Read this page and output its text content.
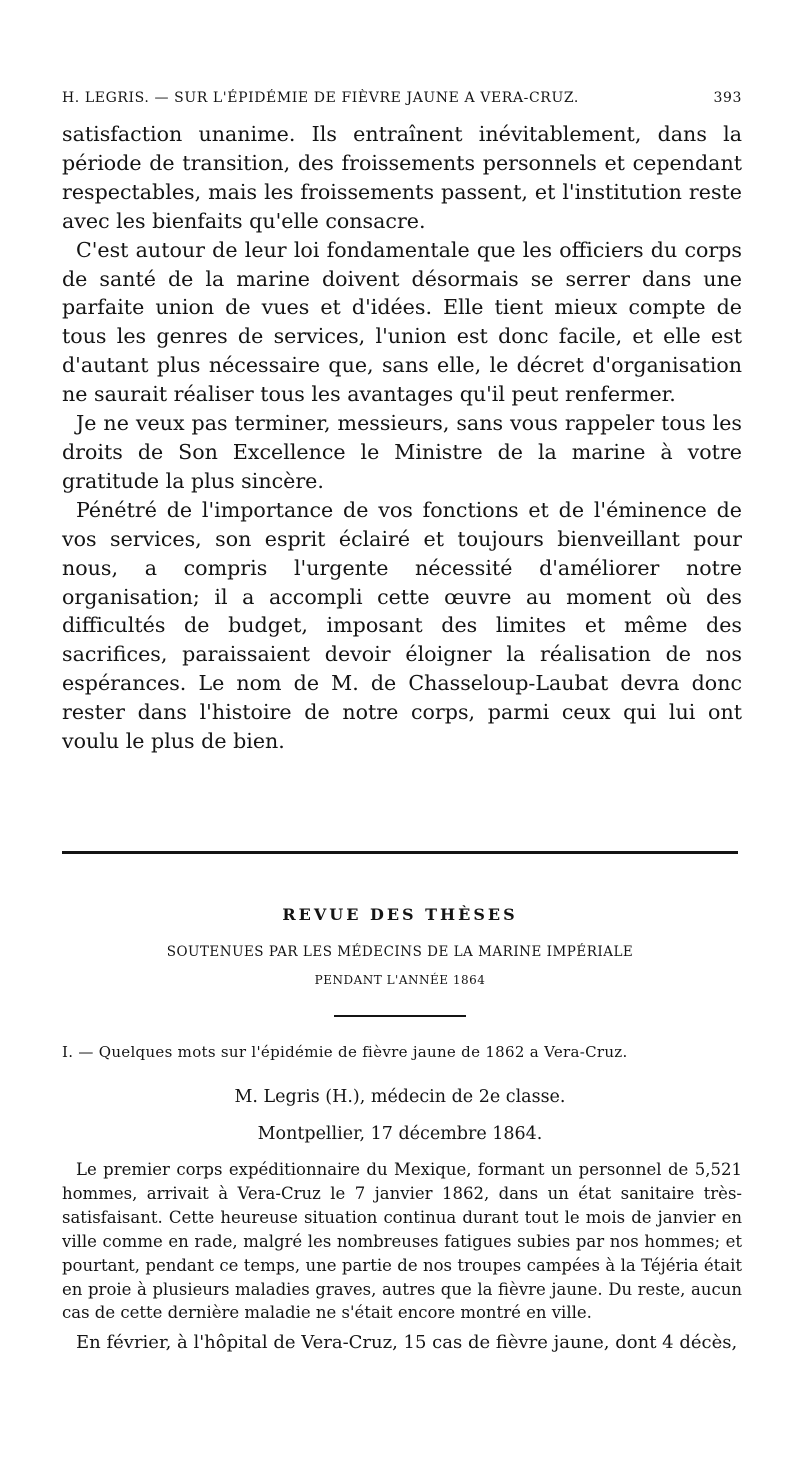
H. LEGRIS. — SUR L'ÉPIDÉMIE DE FIÈVRE JAUNE A VERA-CRUZ.	393

satisfaction unanime. Ils entraînent inévitablement, dans la période de transition, des froissements personnels et cependant respectables, mais les froissements passent, et l'institution reste avec les bienfaits qu'elle consacre.

C'est autour de leur loi fondamentale que les officiers du corps de santé de la marine doivent désormais se serrer dans une parfaite union de vues et d'idées. Elle tient mieux compte de tous les genres de services, l'union est donc facile, et elle est d'autant plus nécessaire que, sans elle, le décret d'organisation ne saurait réaliser tous les avantages qu'il peut renfermer.

Je ne veux pas terminer, messieurs, sans vous rappeler tous les droits de Son Excellence le Ministre de la marine à votre gratitude la plus sincère.

Pénétré de l'importance de vos fonctions et de l'éminence de vos services, son esprit éclairé et toujours bienveillant pour nous, a compris l'urgente nécessité d'améliorer notre organisation; il a accompli cette œuvre au moment où des difficultés de budget, imposant des limites et même des sacrifices, paraissaient devoir éloigner la réalisation de nos espérances. Le nom de M. de Chasseloup-Laubat devra donc rester dans l'histoire de notre corps, parmi ceux qui lui ont voulu le plus de bien.

REVUE DES THÈSES
SOUTENUES PAR LES MÉDECINS DE LA MARINE IMPÉRIALE
PENDANT L'ANNÉE 1864
I. — Quelques mots sur l'épidémie de fièvre jaune de 1862 a Vera-Cruz.
M. Legris (H.), médecin de 2e classe.
Montpellier, 17 décembre 1864.

Le premier corps expéditionnaire du Mexique, formant un personnel de 5,521 hommes, arrivait à Vera-Cruz le 7 janvier 1862, dans un état sanitaire très-satisfaisant. Cette heureuse situation continua durant tout le mois de janvier en ville comme en rade, malgré les nombreuses fatigues subies par nos hommes; et pourtant, pendant ce temps, une partie de nos troupes campées à la Téjéria était en proie à plusieurs maladies graves, autres que la fièvre jaune. Du reste, aucun cas de cette dernière maladie ne s'était encore montré en ville.

En février, à l'hôpital de Vera-Cruz, 15 cas de fièvre jaune, dont 4 décès,
